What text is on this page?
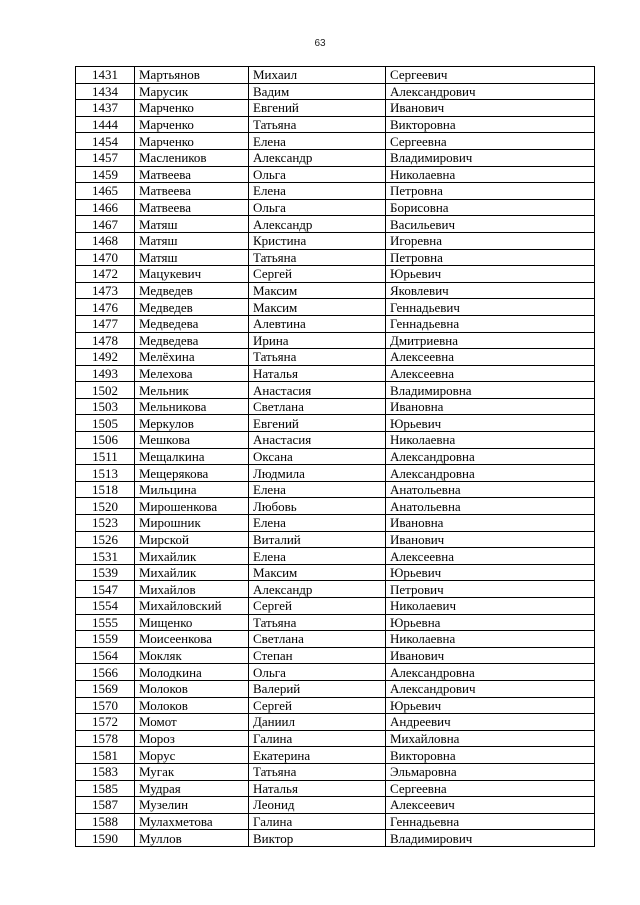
63
1431	Мартьянов	Михаил	Сергеевич
1434	Марусик	Вадим	Александрович
1437	Марченко	Евгений	Иванович
1444	Марченко	Татьяна	Викторовна
1454	Марченко	Елена	Сергеевна
1457	Маслеников	Александр	Владимирович
1459	Матвеева	Ольга	Николаевна
1465	Матвеева	Елена	Петровна
1466	Матвеева	Ольга	Борисовна
1467	Матяш	Александр	Васильевич
1468	Матяш	Кристина	Игоревна
1470	Матяш	Татьяна	Петровна
1472	Мацукевич	Сергей	Юрьевич
1473	Медведев	Максим	Яковлевич
1476	Медведев	Максим	Геннадьевич
1477	Медведева	Алевтина	Геннадьевна
1478	Медведева	Ирина	Дмитриевна
1492	Мелёхина	Татьяна	Алексеевна
1493	Мелехова	Наталья	Алексеевна
1502	Мельник	Анастасия	Владимировна
1503	Мельникова	Светлана	Ивановна
1505	Меркулов	Евгений	Юрьевич
1506	Мешкова	Анастасия	Николаевна
1511	Мещалкина	Оксана	Александровна
1513	Мещерякова	Людмила	Александровна
1518	Мильцина	Елена	Анатольевна
1520	Мирошенкова	Любовь	Анатольевна
1523	Мирошник	Елена	Ивановна
1526	Мирской	Виталий	Иванович
1531	Михайлик	Елена	Алексеевна
1539	Михайлик	Максим	Юрьевич
1547	Михайлов	Александр	Петрович
1554	Михайловский	Сергей	Николаевич
1555	Мищенко	Татьяна	Юрьевна
1559	Моисеенкова	Светлана	Николаевна
1564	Мокляк	Степан	Иванович
1566	Молодкина	Ольга	Александровна
1569	Молоков	Валерий	Александрович
1570	Молоков	Сергей	Юрьевич
1572	Момот	Даниил	Андреевич
1578	Мороз	Галина	Михайловна
1581	Морус	Екатерина	Викторовна
1583	Мугак	Татьяна	Эльмаровна
1585	Мудрая	Наталья	Сергеевна
1587	Музелин	Леонид	Алексеевич
1588	Мулахметова	Галина	Геннадьевна
1590	Муллов	Виктор	Владимирович
